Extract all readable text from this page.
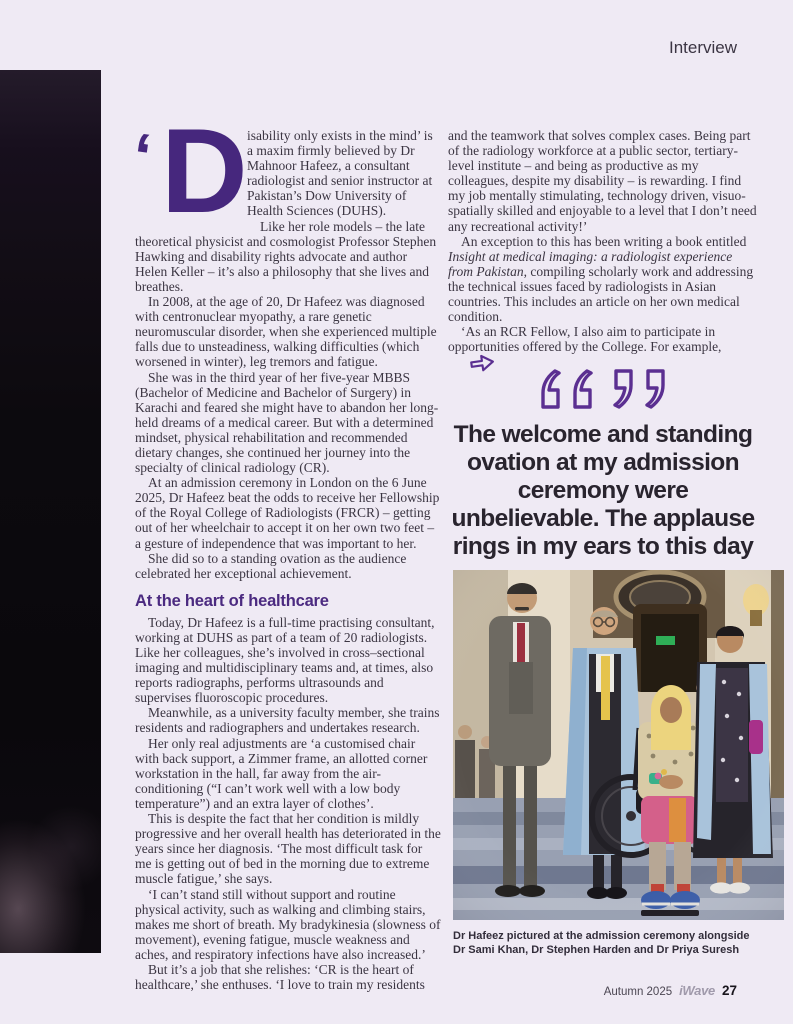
Interview

‘ D isability only exists in the mind’ is a maxim firmly believed by Dr Mahnoor Hafeez, a consultant radiologist and senior instructor at Pakistan’s Dow University of Health Sciences (DUHS).

Like her role models – the late theoretical physicist and cosmologist Professor Stephen Hawking and disability rights advocate and author Helen Keller – it’s also a philosophy that she lives and breathes.

In 2008, at the age of 20, Dr Hafeez was diagnosed with centronuclear myopathy, a rare genetic neuromuscular disorder, when she experienced multiple falls due to unsteadiness, walking difficulties (which worsened in winter), leg tremors and fatigue.

She was in the third year of her five-year MBBS (Bachelor of Medicine and Bachelor of Surgery) in Karachi and feared she might have to abandon her long-held dreams of a medical career. But with a determined mindset, physical rehabilitation and recommended dietary changes, she continued her journey into the specialty of clinical radiology (CR).

At an admission ceremony in London on the 6 June 2025, Dr Hafeez beat the odds to receive her Fellowship of the Royal College of Radiologists (FRCR) – getting out of her wheelchair to accept it on her own two feet – a gesture of independence that was important to her.

She did so to a standing ovation as the audience celebrated her exceptional achievement.

At the heart of healthcare

Today, Dr Hafeez is a full-time practising consultant, working at DUHS as part of a team of 20 radiologists. Like her colleagues, she’s involved in cross–sectional imaging and multidisciplinary teams and, at times, also reports radiographs, performs ultrasounds and supervises fluoroscopic procedures.

Meanwhile, as a university faculty member, she trains residents and radiographers and undertakes research.

Her only real adjustments are ‘a customised chair with back support, a Zimmer frame, an allotted corner workstation in the hall, far away from the air-conditioning (“I can’t work well with a low body temperature”) and an extra layer of clothes’.

This is despite the fact that her condition is mildly progressive and her overall health has deteriorated in the years since her diagnosis. ‘The most difficult task for me is getting out of bed in the morning due to extreme muscle fatigue,’ she says.

‘I can’t stand still without support and routine physical activity, such as walking and climbing stairs, makes me short of breath. My bradykinesia (slowness of movement), evening fatigue, muscle weakness and aches, and respiratory infections have also increased.’

But it’s a job that she relishes: ‘CR is the heart of healthcare,’ she enthuses. ‘I love to train my residents

and the teamwork that solves complex cases. Being part of the radiology workforce at a public sector, tertiary-level institute – and being as productive as my colleagues, despite my disability – is rewarding. I find my job mentally stimulating, technology driven, visuo-spatially skilled and enjoyable to a level that I don’t need any recreational activity!’

An exception to this has been writing a book entitled Insight at medical imaging: a radiologist experience from Pakistan, compiling scholarly work and addressing the technical issues faced by radiologists in Asian countries. This includes an article on her own medical condition.

‘As an RCR Fellow, I also aim to participate in opportunities offered by the College. For example,

The welcome and standing ovation at my admission ceremony were unbelievable. The applause rings in my ears to this day
Dr Hafeez pictured at the admission ceremony alongside
Dr Sami Khan, Dr Stephen Harden and Dr Priya Suresh
Autumn 2025 iWave 27
